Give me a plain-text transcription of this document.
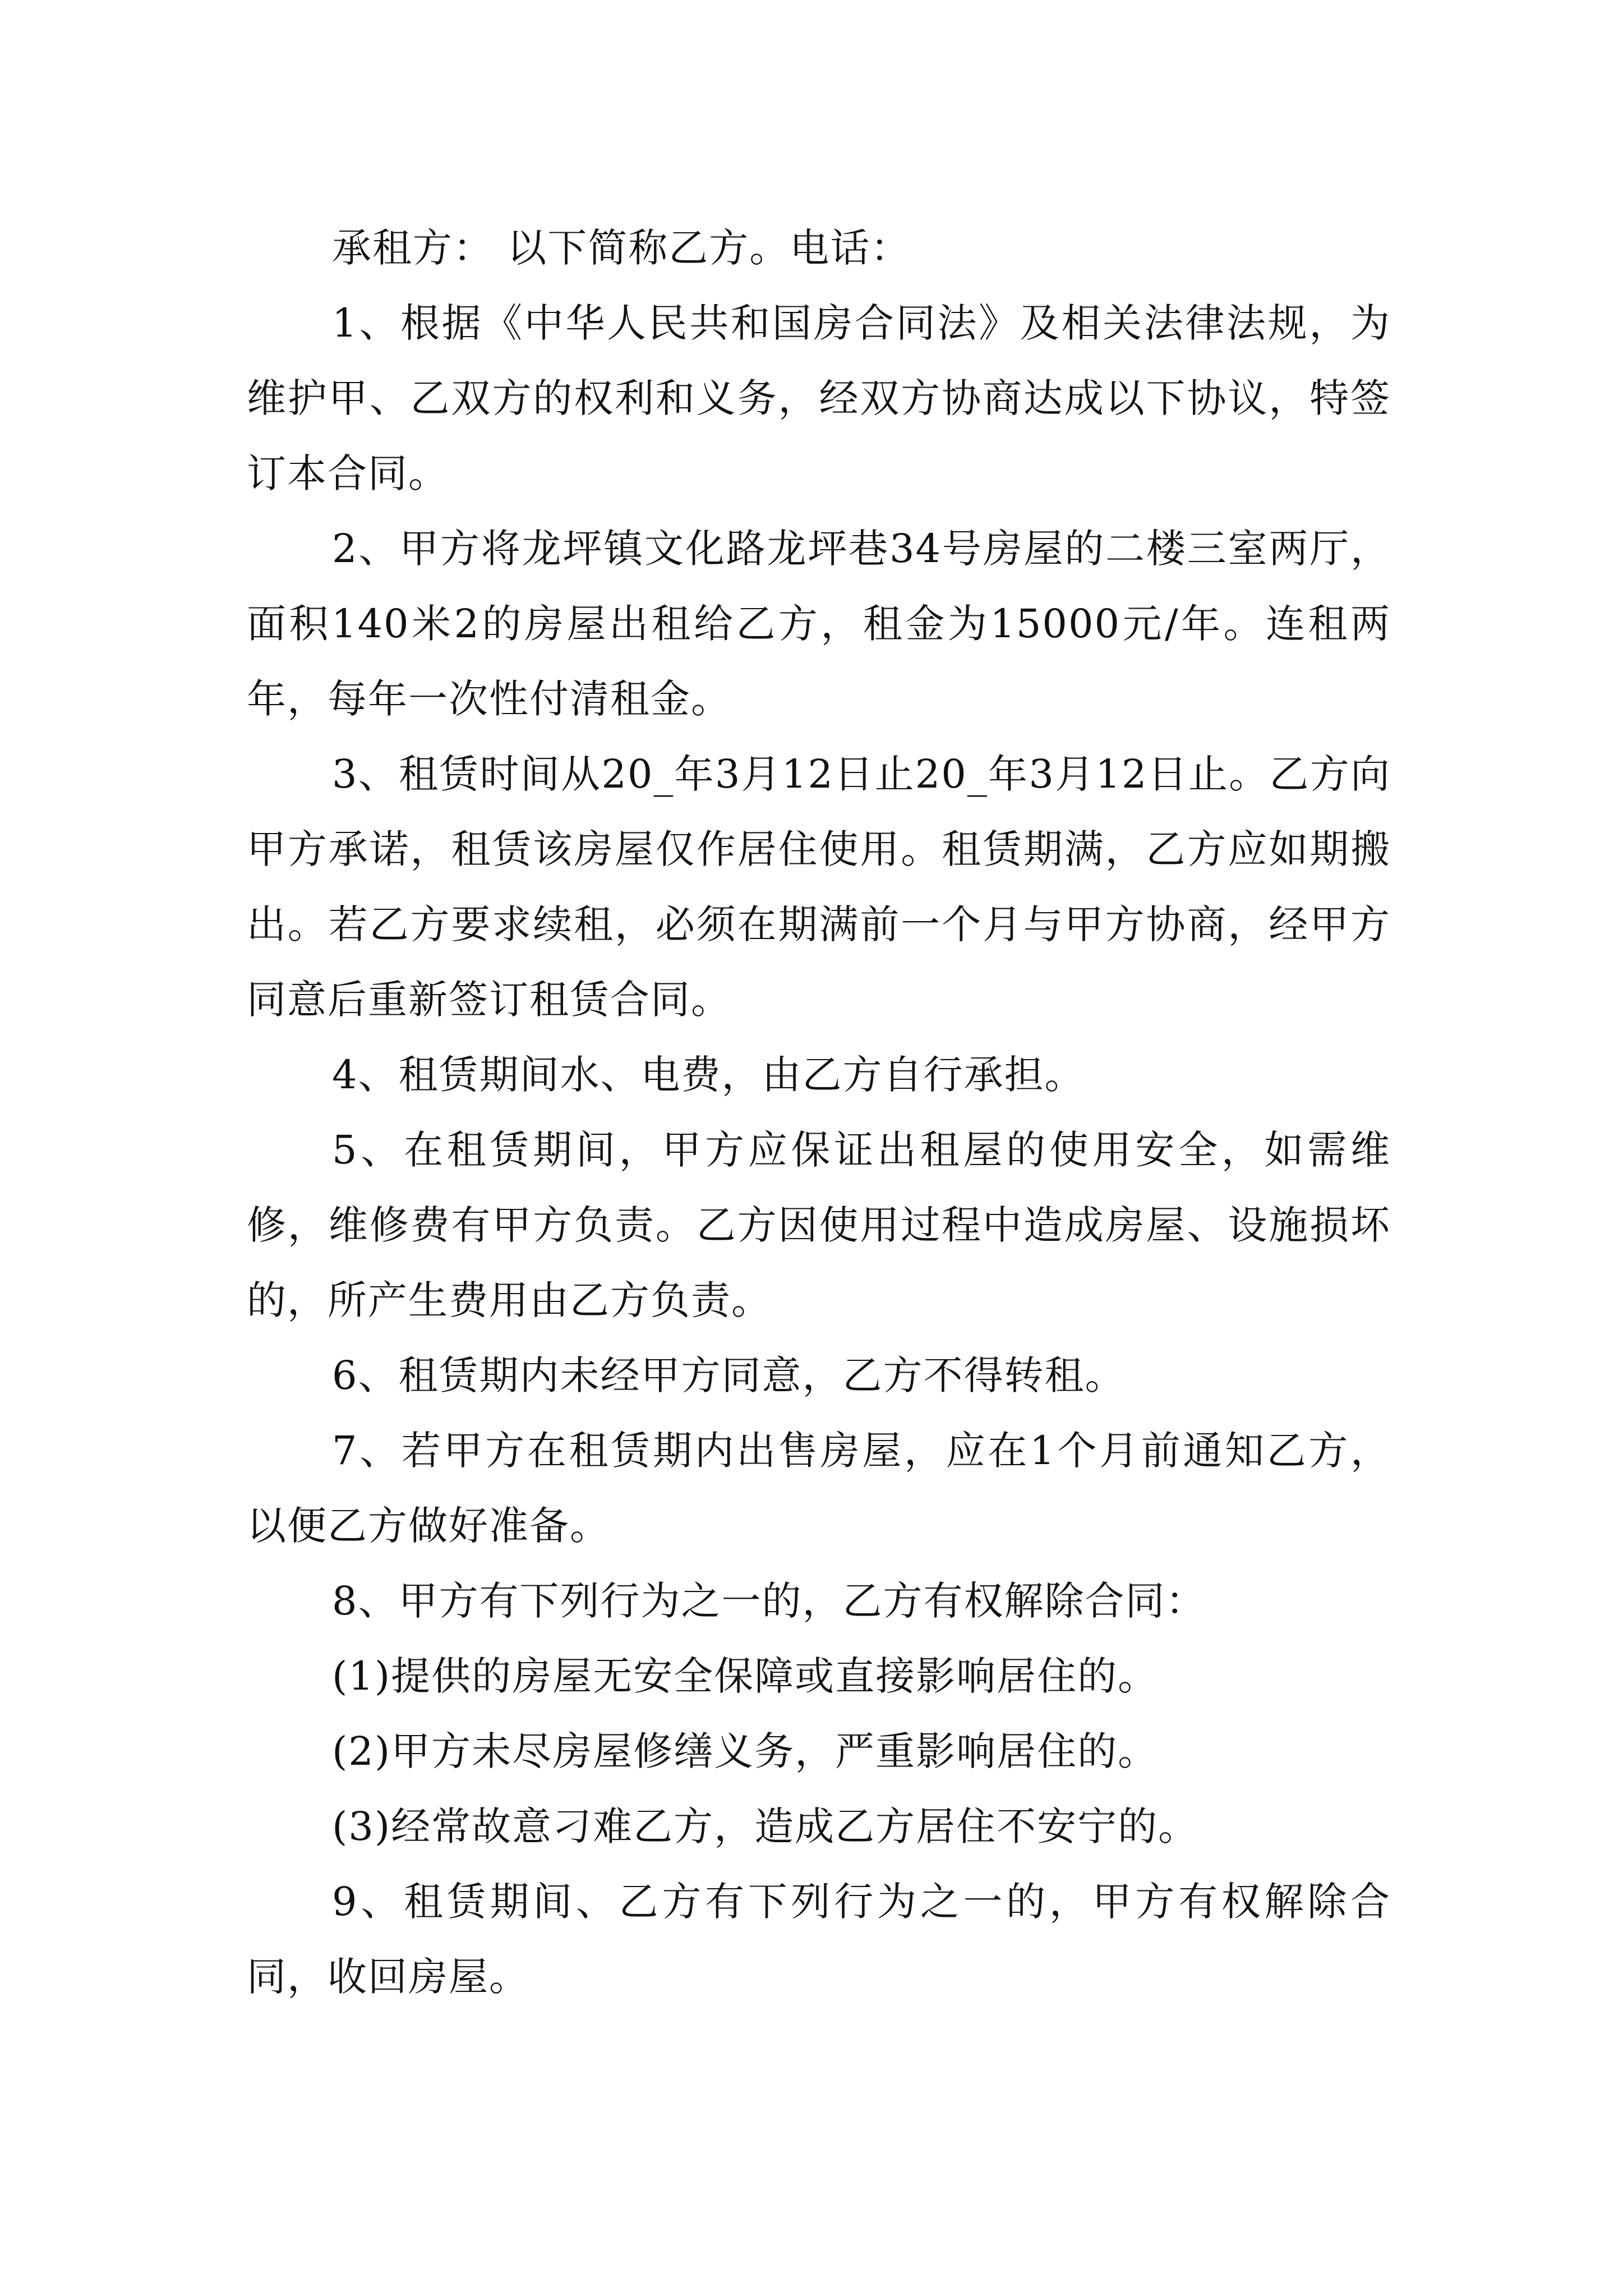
承租方： 以下简称乙方。电话：

1、根据《中华人民共和国房合同法》及相关法律法规，为维护甲、乙双方的权利和义务，经双方协商达成以下协议，特签订本合同。

2、甲方将龙坪镇文化路龙坪巷34号房屋的二楼三室两厅，面积140米2的房屋出租给乙方，租金为15000元/年。连租两年，每年一次性付清租金。

3、租赁时间从20_年3月12日止20_年3月12日止。乙方向甲方承诺，租赁该房屋仅作居住使用。租赁期满，乙方应如期搬出。若乙方要求续租，必须在期满前一个月与甲方协商，经甲方同意后重新签订租赁合同。

4、租赁期间水、电费，由乙方自行承担。

5、在租赁期间，甲方应保证出租屋的使用安全，如需维修，维修费有甲方负责。乙方因使用过程中造成房屋、设施损坏的，所产生费用由乙方负责。

6、租赁期内未经甲方同意，乙方不得转租。

7、若甲方在租赁期内出售房屋，应在1个月前通知乙方，以便乙方做好准备。

8、甲方有下列行为之一的，乙方有权解除合同：

(1)提供的房屋无安全保障或直接影响居住的。

(2)甲方未尽房屋修缮义务，严重影响居住的。

(3)经常故意刁难乙方，造成乙方居住不安宁的。

9、租赁期间、乙方有下列行为之一的，甲方有权解除合同，收回房屋。
